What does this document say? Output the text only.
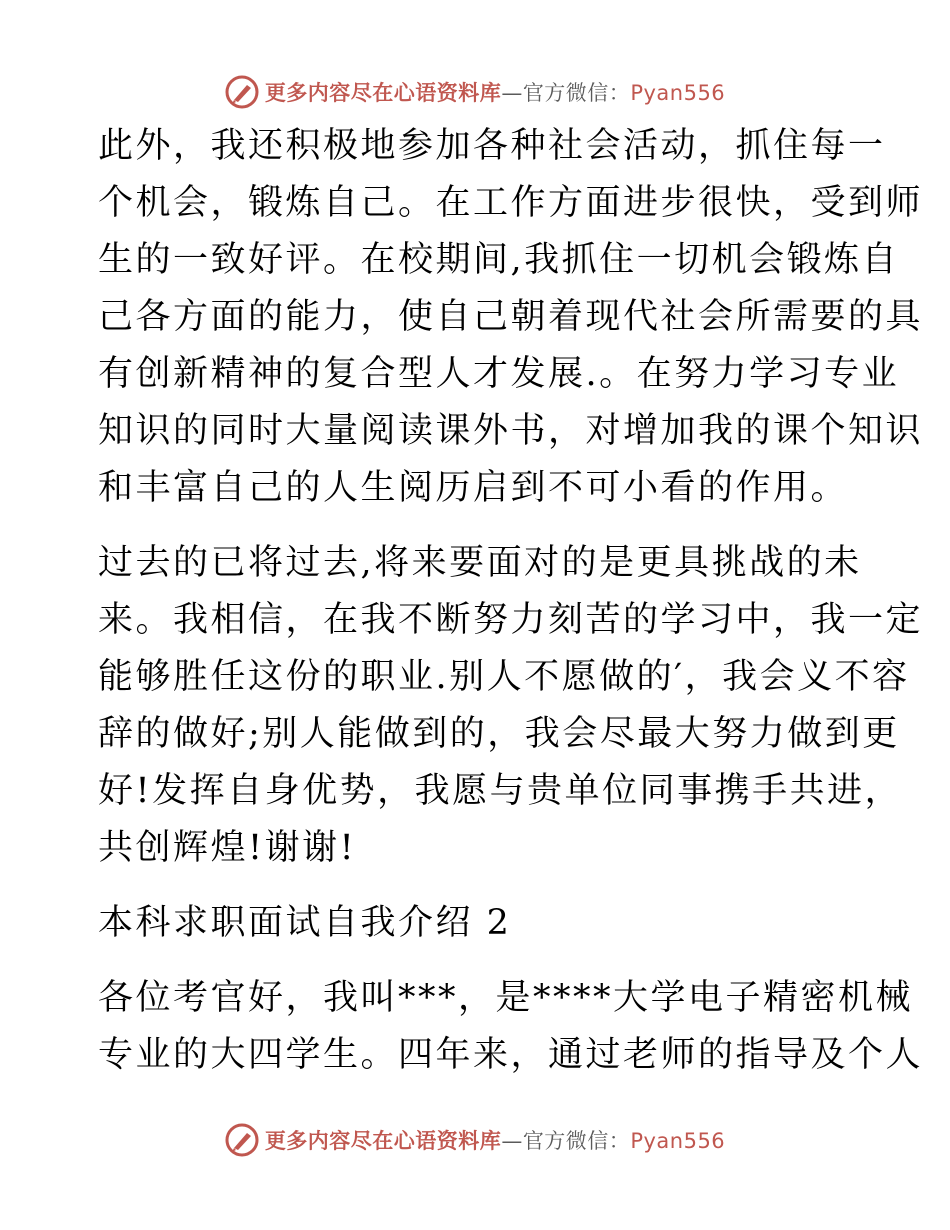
更多内容尽在心语资料库—官方微信：Pyan556
此外，我还积极地参加各种社会活动，抓住每一
个机会，锻炼自己。在工作方面进步很快，受到师
生的一致好评。在校期间,我抓住一切机会锻炼自
己各方面的能力，使自己朝着现代社会所需要的具
有创新精神的复合型人才发展.。在努力学习专业
知识的同时大量阅读课外书，对增加我的课个知识
和丰富自己的人生阅历启到不可小看的作用。
过去的已将过去,将来要面对的是更具挑战的未
来。我相信，在我不断努力刻苦的学习中，我一定
能够胜任这份的职业.别人不愿做的′，我会义不容
辞的做好;别人能做到的，我会尽最大努力做到更
好!发挥自身优势，我愿与贵单位同事携手共进，
共创辉煌!谢谢!
本科求职面试自我介绍 2
各位考官好，我叫***，是****大学电子精密机械
专业的大四学生。四年来，通过老师的指导及个人
更多内容尽在心语资料库—官方微信：Pyan556
